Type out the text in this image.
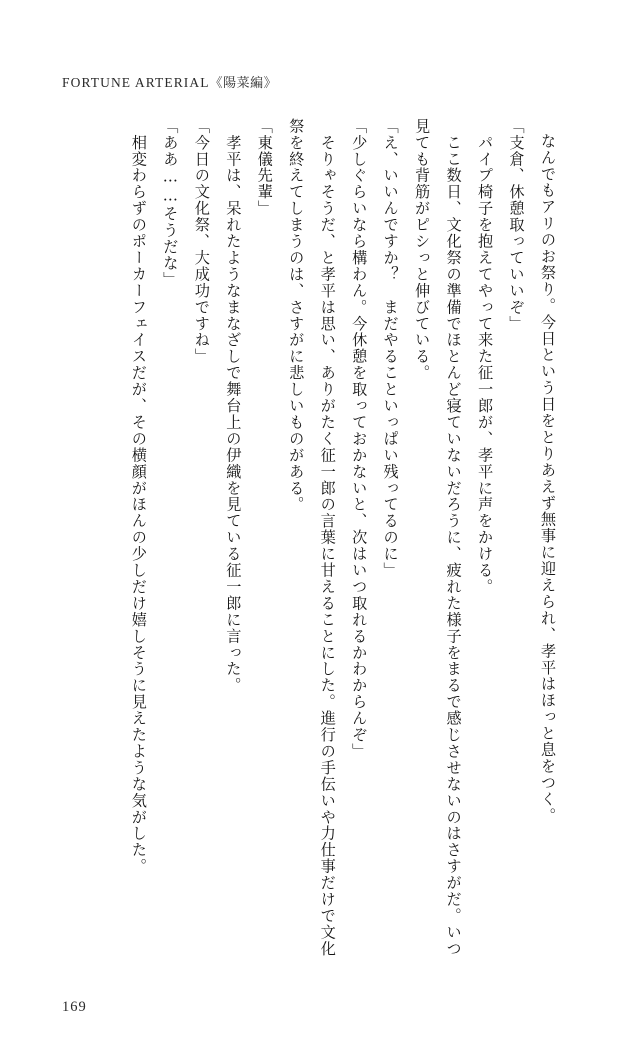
FORTUNE ARTERIAL《陽菜編》

なんでもアリのお祭り。今日という日をとりあえず無事に迎えられ、孝平はほっと息をつく。

「支倉、休憩取っていいぞ」

　パイプ椅子を抱えてやって来た征一郎が、孝平に声をかける。

　ここ数日、文化祭の準備でほとんど寝ていないだろうに、疲れた様子をまるで感じさせないのはさすがだ。いつ見ても背筋がピシっと伸びている。

「え、いいんですか？　まだやることいっぱい残ってるのに」

「少しぐらいなら構わん。今休憩を取っておかないと、次はいつ取れるかわからんぞ」

　そりゃそうだ、と孝平は思い、ありがたく征一郎の言葉に甘えることにした。進行の手伝いや力仕事だけで文化祭を終えてしまうのは、さすがに悲しいものがある。

「東儀先輩」

　孝平は、呆れたようなまなざしで舞台上の伊織を見ている征一郎に言った。

「今日の文化祭、大成功ですね」

「ああ……そうだな」

　相変わらずのポーカーフェイスだが、その横顔がほんの少しだけ嬉しそうに見えたような気がした。

169
